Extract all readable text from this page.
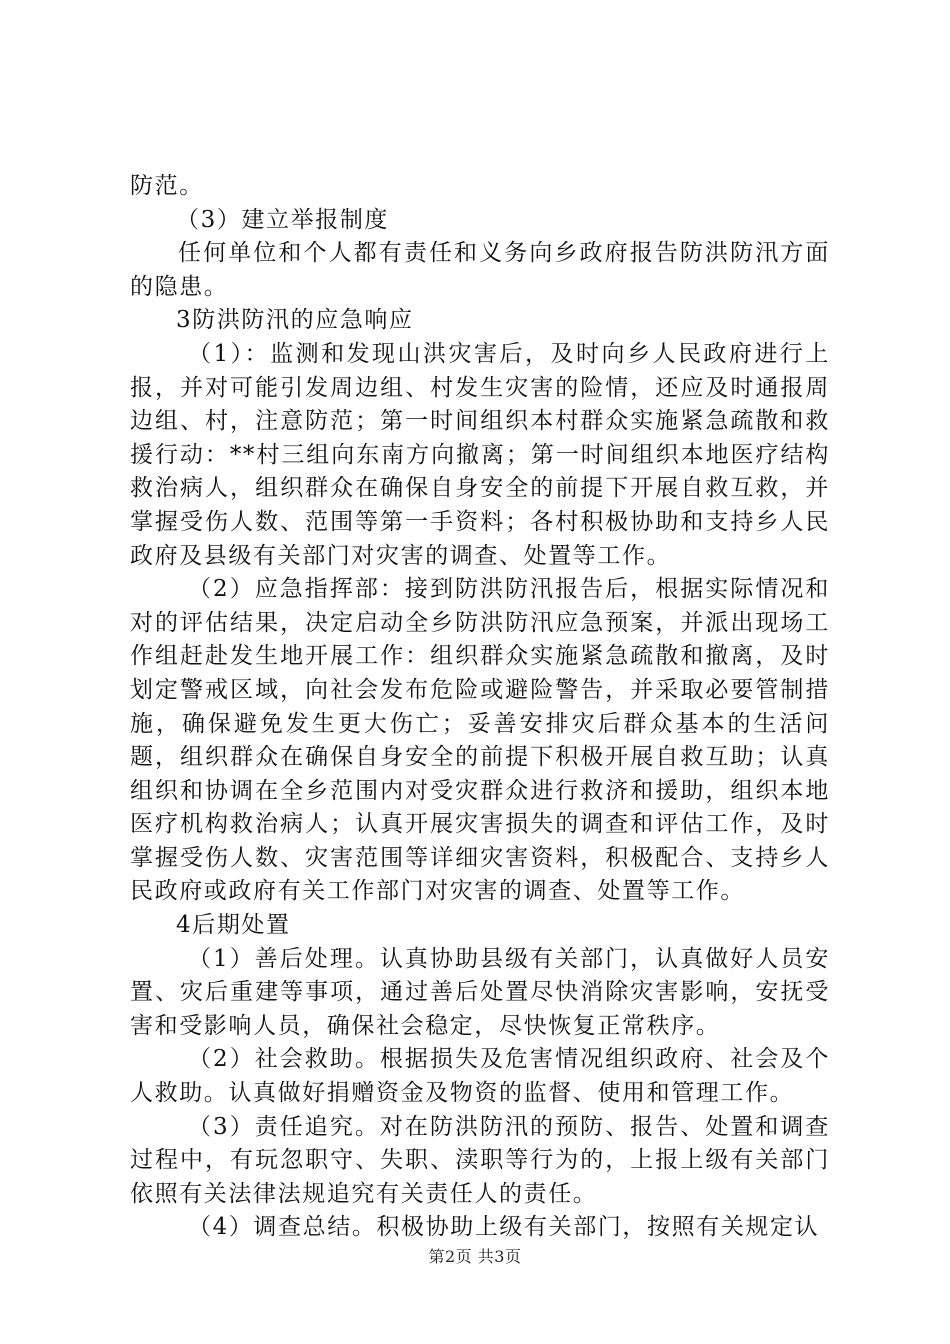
防范。

（3）建立举报制度

任何单位和个人都有责任和义务向乡政府报告防洪防汛方面的隐患。

3防洪防汛的应急响应

（1）：监测和发现山洪灾害后，及时向乡人民政府进行上报，并对可能引发周边组、村发生灾害的险情，还应及时通报周边组、村，注意防范；第一时间组织本村群众实施紧急疏散和救援行动：**村三组向东南方向撤离；第一时间组织本地医疗结构救治病人，组织群众在确保自身安全的前提下开展自救互救，并掌握受伤人数、范围等第一手资料；各村积极协助和支持乡人民政府及县级有关部门对灾害的调查、处置等工作。

（2）应急指挥部：接到防洪防汛报告后，根据实际情况和对的评估结果，决定启动全乡防洪防汛应急预案，并派出现场工作组赶赴发生地开展工作：组织群众实施紧急疏散和撤离，及时划定警戒区域，向社会发布危险或避险警告，并采取必要管制措施，确保避免发生更大伤亡；妥善安排灾后群众基本的生活问题，组织群众在确保自身安全的前提下积极开展自救互助；认真组织和协调在全乡范围内对受灾群众进行救济和援助，组织本地医疗机构救治病人；认真开展灾害损失的调查和评估工作，及时掌握受伤人数、灾害范围等详细灾害资料，积极配合、支持乡人民政府或政府有关工作部门对灾害的调查、处置等工作。

4后期处置

（1）善后处理。认真协助县级有关部门，认真做好人员安置、灾后重建等事项，通过善后处置尽快消除灾害影响，安抚受害和受影响人员，确保社会稳定，尽快恢复正常秩序。

（2）社会救助。根据损失及危害情况组织政府、社会及个人救助。认真做好捐赠资金及物资的监督、使用和管理工作。

（3）责任追究。对在防洪防汛的预防、报告、处置和调查过程中，有玩忽职守、失职、渎职等行为的，上报上级有关部门依照有关法律法规追究有关责任人的责任。

（4）调查总结。积极协助上级有关部门，按照有关规定认

第2页 共3页
